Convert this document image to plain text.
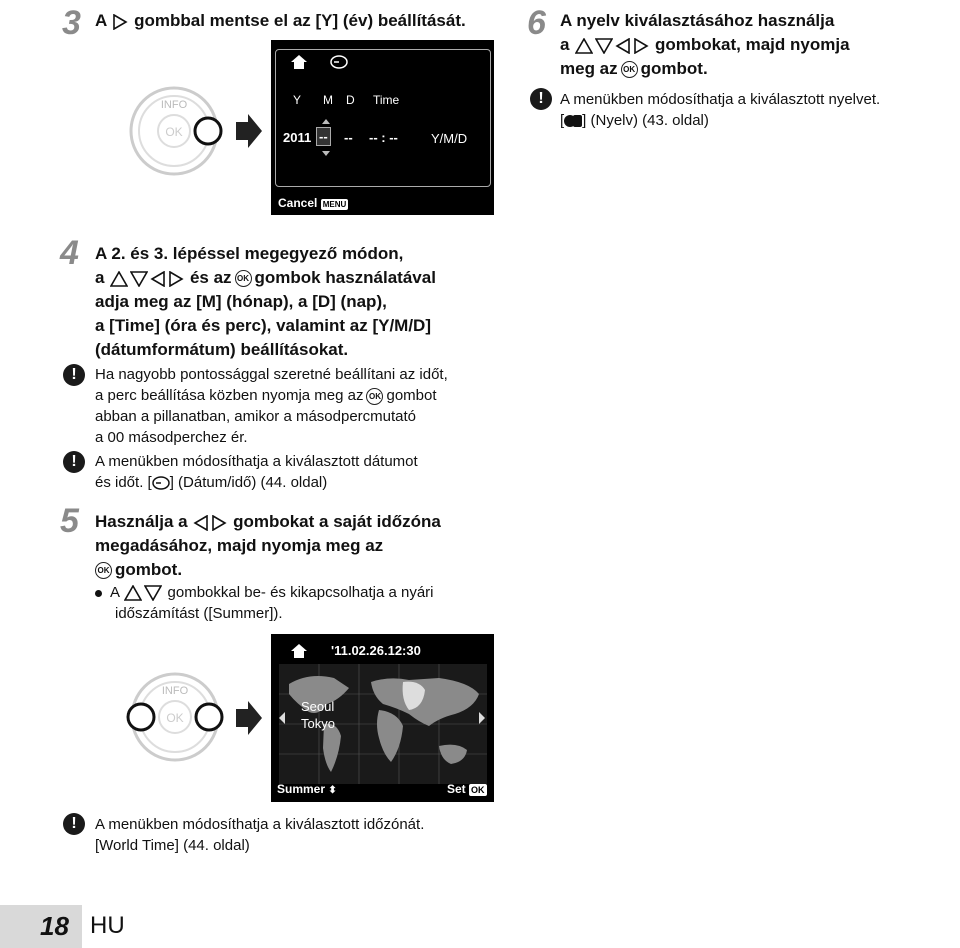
3 A gombbal mentse el az [Y] (év) beállítását.
INFO
OK
Y M D Time
2011 -- -- -- : --	Y/M/D
Cancel MENU
6 A nyelv kiválasztásához használja
a	gombokat, majd nyomja
meg az OK gombot.
!	A menükben módosíthatja a kiválasztott nyelvet.
[ ] (Nyelv) (43. oldal)
4 A 2. és 3. lépéssel megegyező módon,
a	és az OK gombok használatával
adja meg az [M] (hónap), a [D] (nap),
a [Time] (óra és perc), valamint az [Y/M/D]
(dátumformátum) beállításokat.
!	Ha nagyobb pontossággal szeretné beállítani az időt,
a perc beállítása közben nyomja meg az OK gombot
abban a pillanatban, amikor a másodpercmutató
a 00 másodperchez ér.
!	A menükben módosíthatja a kiválasztott dátumot
és időt. [ ] (Dátum/idő) (44. oldal)
5 Használja a	gombokat a saját időzóna
megadásához, majd nyomja meg az
OK gombot.
A	gombokkal be- és kikapcsolhatja a nyári
időszámítást ([Summer]).
INFO
OK
'11.02.26.12:30
Seoul
Tokyo
Summer ⬍	Set OK
!	A menükben módosíthatja a kiválasztott időzónát.
[World Time] (44. oldal)
18 HU
